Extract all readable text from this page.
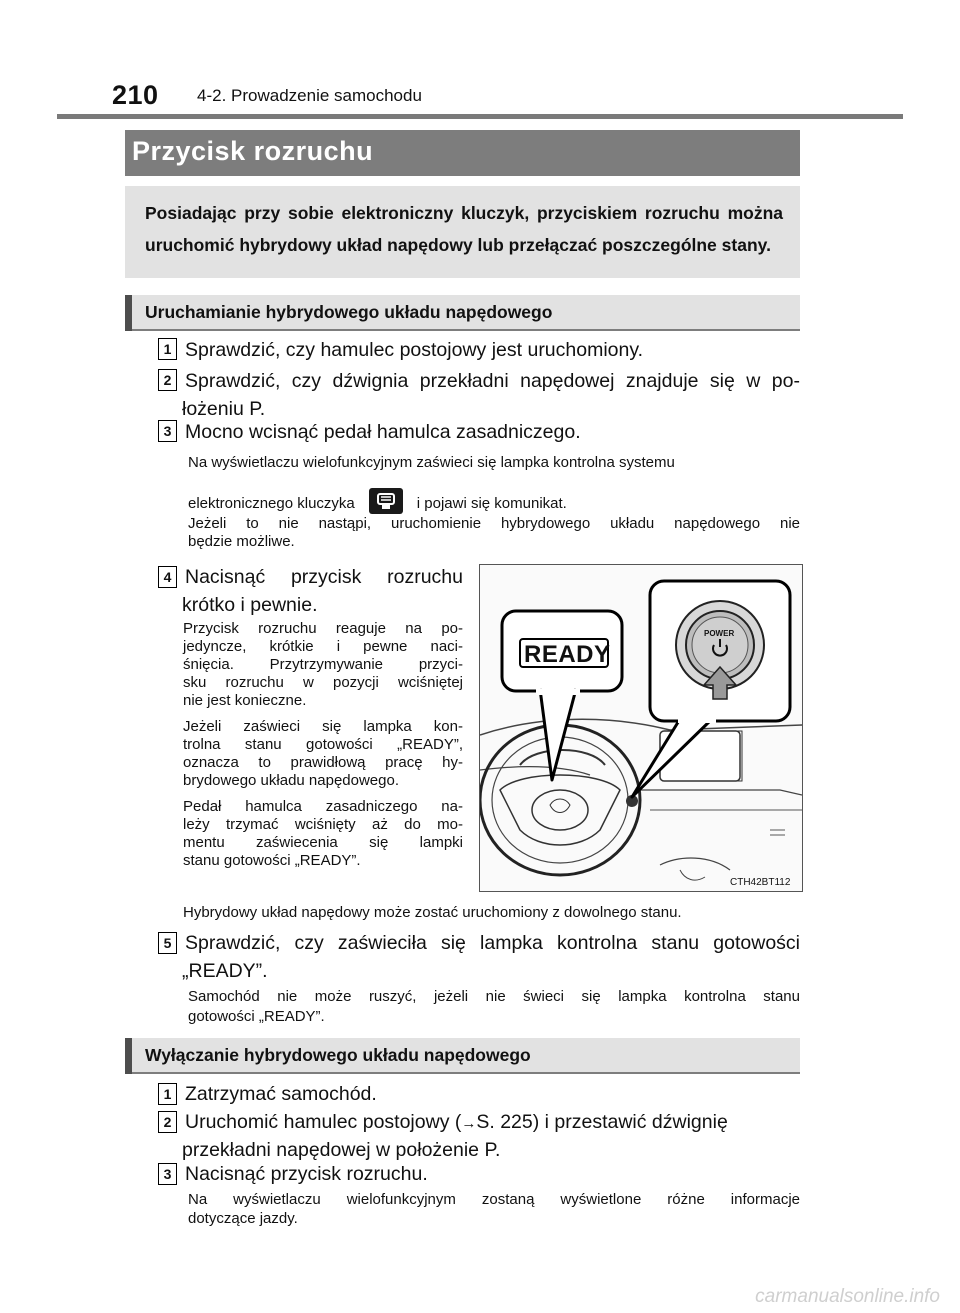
210 4-2. Prowadzenie samochodu
Przycisk rozruchu
Posiadając przy sobie elektroniczny kluczyk, przyciskiem rozruchu można uruchomić hybrydowy układ napędowy lub przełączać poszczególne stany.
Uruchamianie hybrydowego układu napędowego
1 Sprawdzić, czy hamulec postojowy jest uruchomiony.
2 Sprawdzić, czy dźwignia przekładni napędowej znajduje się w po-
łożeniu P.
3 Mocno wcisnąć pedał hamulca zasadniczego.
Na wyświetlaczu wielofunkcyjnym zaświeci się lampka kontrolna systemu
elektronicznego kluczyka	i pojawi się komunikat.
Jeżeli to nie nastąpi, uruchomienie hybrydowego układu napędowego nie
będzie możliwe.
4 Nacisnąć przycisk rozruchu
krótko i pewnie.
Przycisk rozruchu reaguje na po-
jedyncze, krótkie i pewne naci-
śnięcia. Przytrzymywanie przyci-
sku rozruchu w pozycji wciśniętej
nie jest konieczne.
Jeżeli zaświeci się lampka kon-
trolna stanu gotowości „READY”,
oznacza to prawidłową pracę hy-
brydowego układu napędowego.
Pedał hamulca zasadniczego na-
leży trzymać wciśnięty aż do mo-
mentu zaświecenia się lampki
stanu gotowości „READY”.
READY
POWER
CTH42BT112
Hybrydowy układ napędowy może zostać uruchomiony z dowolnego stanu.
5 Sprawdzić, czy zaświeciła się lampka kontrolna stanu gotowości
„READY”.
Samochód nie może ruszyć, jeżeli nie świeci się lampka kontrolna stanu
gotowości „READY”.
Wyłączanie hybrydowego układu napędowego
1 Zatrzymać samochód.
2 Uruchomić hamulec postojowy (→S. 225) i przestawić dźwignię
przekładni napędowej w położenie P.
3 Nacisnąć przycisk rozruchu.
Na wyświetlaczu wielofunkcyjnym zostaną wyświetlone różne informacje
dotyczące jazdy.
carmanualsonline.info
